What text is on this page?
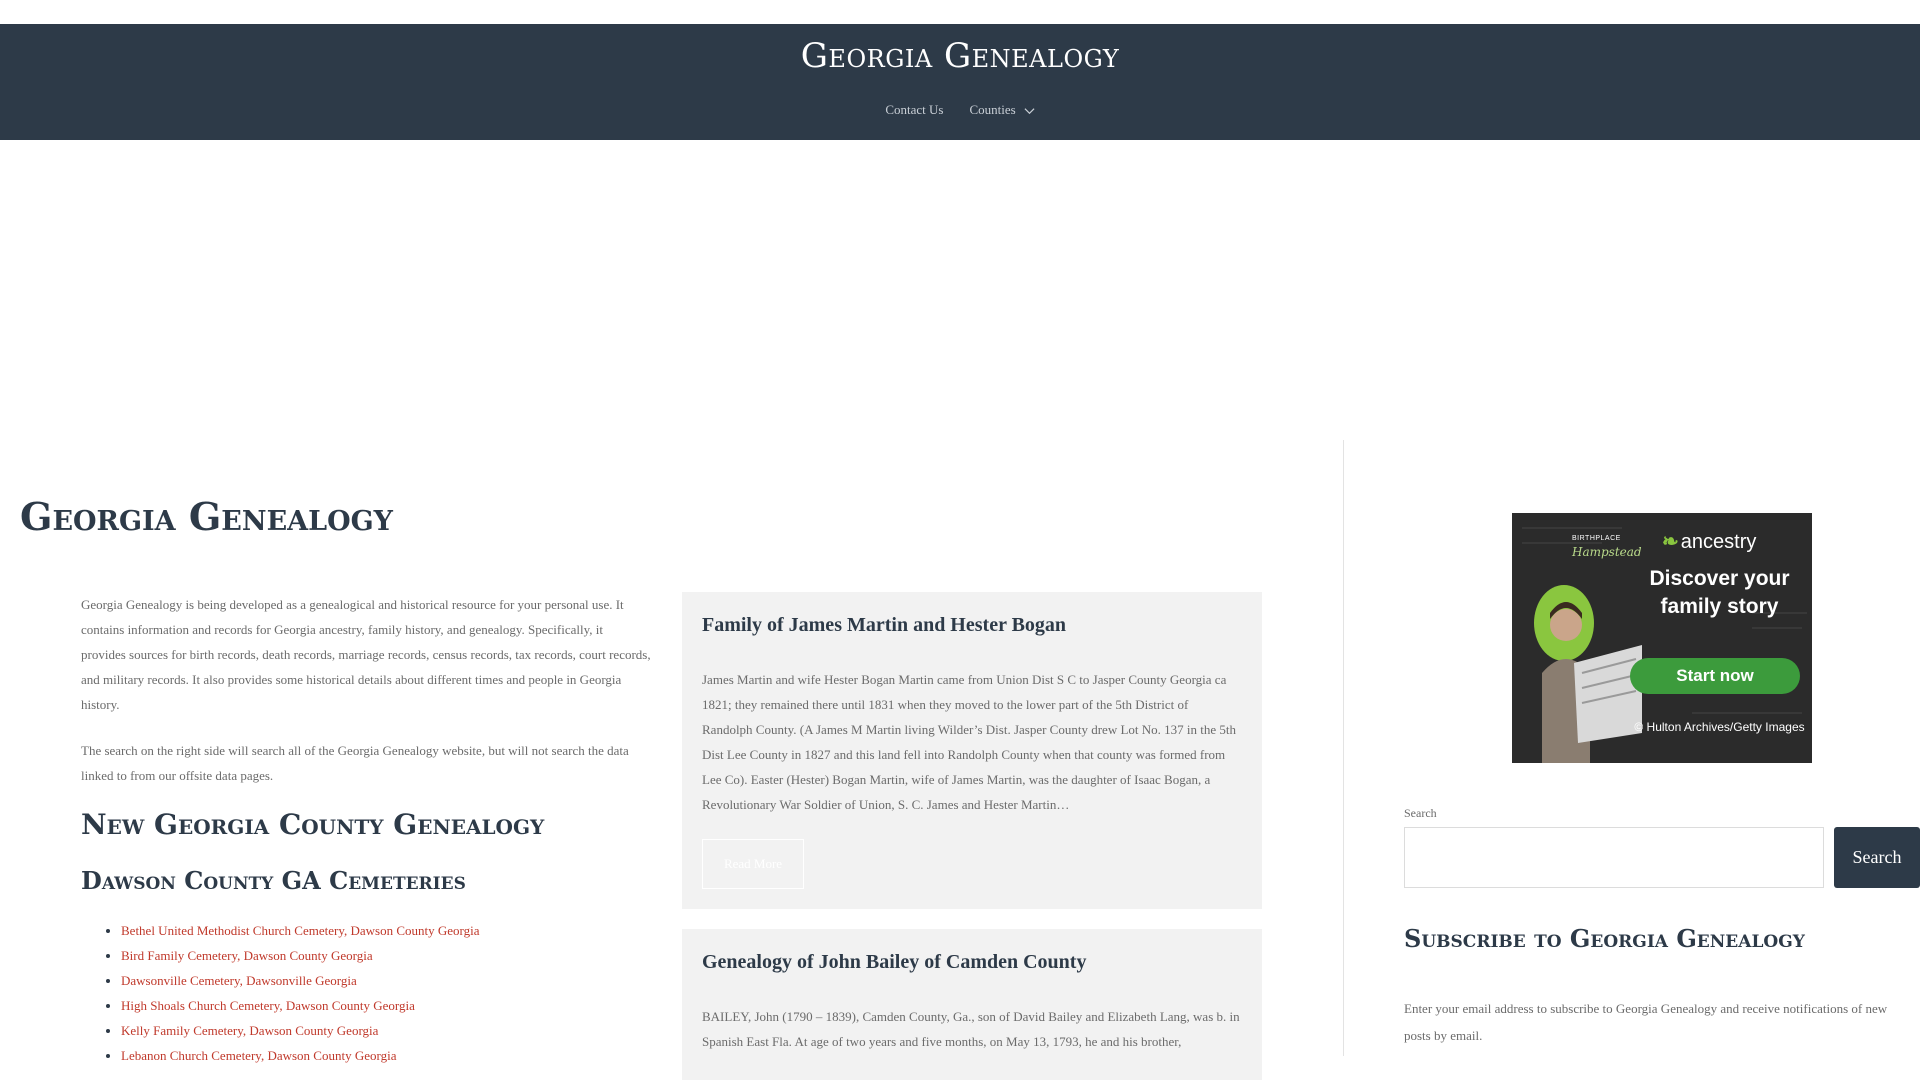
Georgia Genealogy
Contact Us Counties
Georgia Genealogy

Georgia Genealogy is being developed as a genealogical and historical resource for your personal use. It contains information and records for Georgia ancestry, family history, and genealogy. Specifically, it provides sources for birth records, death records, marriage records, census records, tax records, court records, and military records. It also provides some historical details about different times and people in Georgia history.

The search on the right side will search all of the Georgia Genealogy website, but will not search the data linked to from our offsite data pages.

New Georgia County Genealogy
Dawson County GA Cemeteries
• Bethel United Methodist Church Cemetery, Dawson County Georgia
• Bird Family Cemetery, Dawson County Georgia
• Dawsonville Cemetery, Dawsonville Georgia
• High Shoals Church Cemetery, Dawson County Georgia
• Kelly Family Cemetery, Dawson County Georgia
• Lebanon Church Cemetery, Dawson County Georgia
Family of James Martin and Hester Bogan

James Martin and wife Hester Bogan Martin came from Union Dist S C to Jasper County Georgia ca 1821; they remained there until 1831 when they moved to the lower part of the 5th District of Randolph County. (A James M Martin living Wilder’s Dist. Jasper County drew Lot No. 137 in the 5th Dist Lee County in 1827 and this land fell into Randolph County when that county was formed from Lee Co). Easter (Hester) Bogan Martin, wife of James Martin, was the daughter of Isaac Bogan, a Revolutionary War Soldier of Union, S. C. James and Hester Martin…

Read More
Genealogy of John Bailey of Camden County

BAILEY, John (1790 – 1839), Camden County, Ga., son of David Bailey and Elizabeth Lang, was b. in Spanish East Fla. At age of two years and five months, on May 13, 1793, he and his brother,

BIRTHPLACE
Hampstead ❧ ancestry
Discover your family story
Start now
© Hulton Archives/Getty Images
Search
Search
Subscribe to Georgia Genealogy

Enter your email address to subscribe to Georgia Genealogy and receive notifications of new posts by email.
